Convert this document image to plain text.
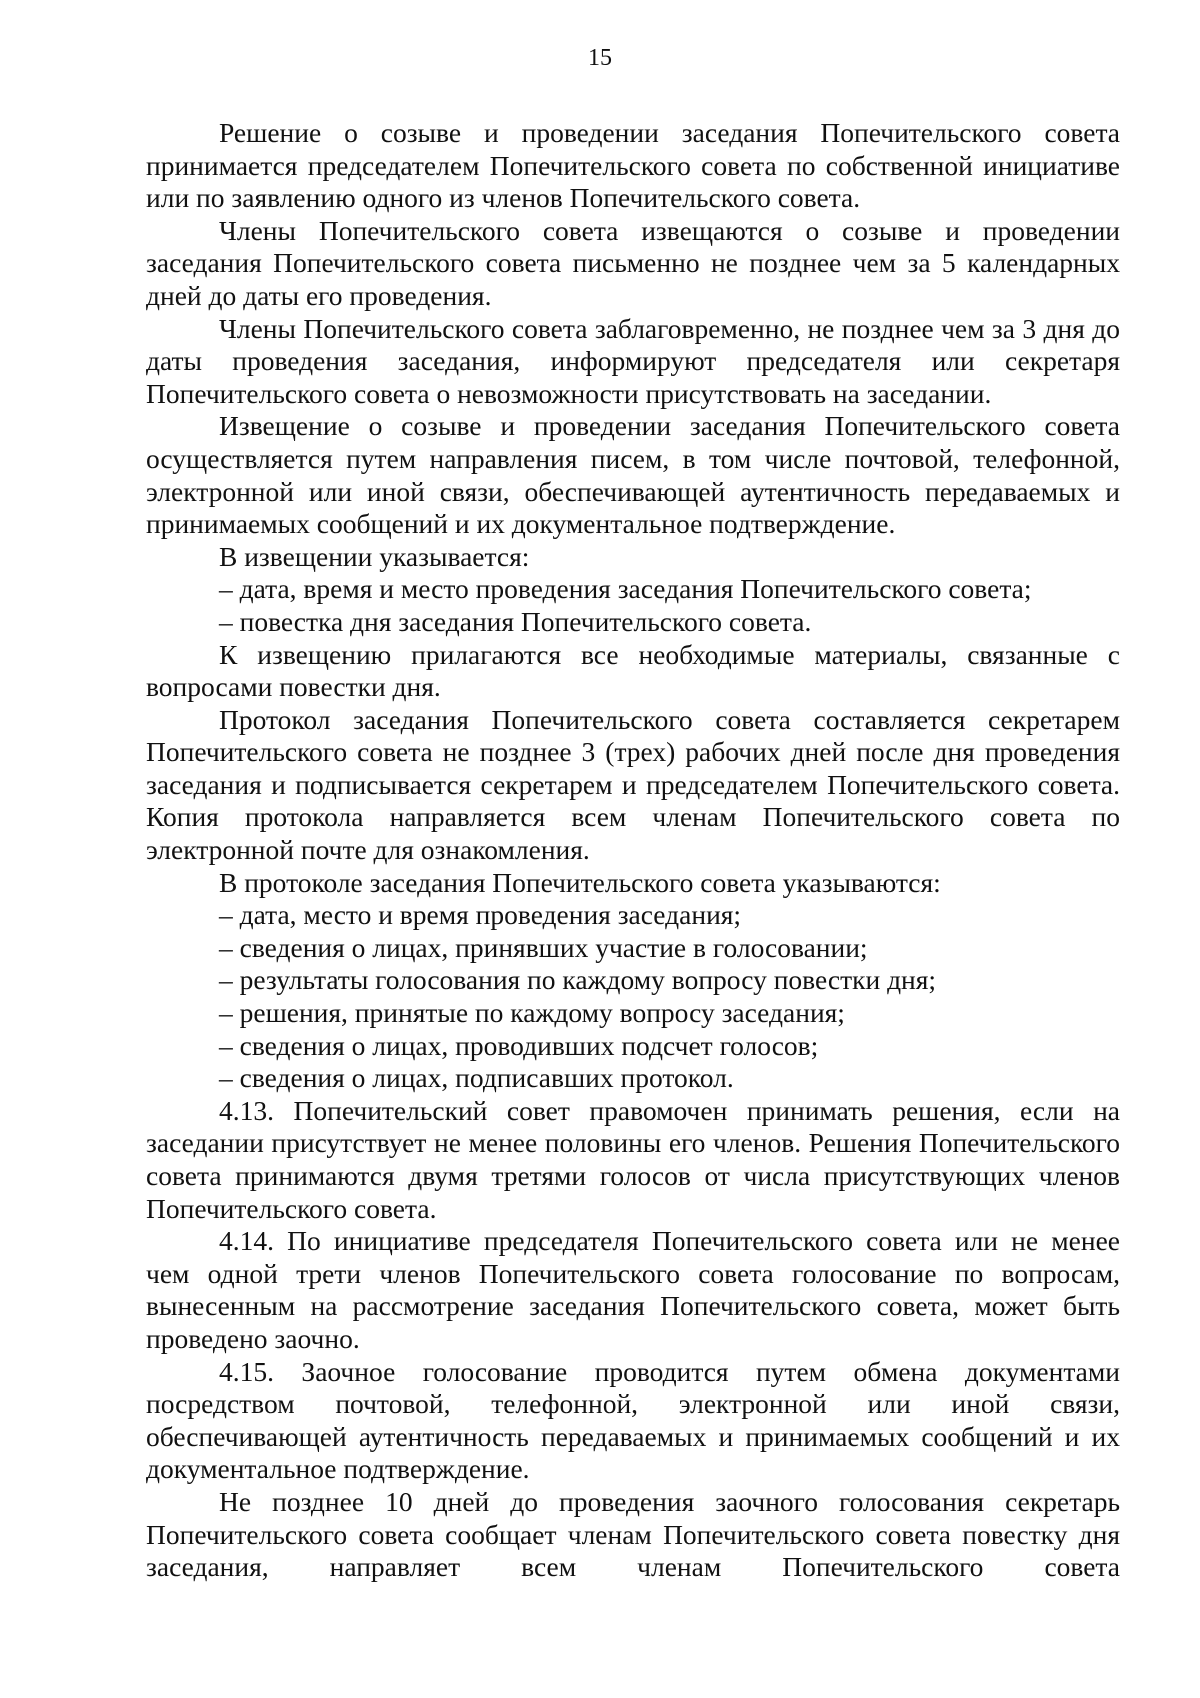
15

Решение о созыве и проведении заседания Попечительского совета принимается председателем Попечительского совета по собственной инициативе или по заявлению одного из членов Попечительского совета.

Члены Попечительского совета извещаются о созыве и проведении заседания Попечительского совета письменно не позднее чем за 5 календарных дней до даты его проведения.

Члены Попечительского совета заблаговременно, не позднее чем за 3 дня до даты проведения заседания, информируют председателя или секретаря Попечительского совета о невозможности присутствовать на заседании.

Извещение о созыве и проведении заседания Попечительского совета осуществляется путем направления писем, в том числе почтовой, телефонной, электронной или иной связи, обеспечивающей аутентичность передаваемых и принимаемых сообщений и их документальное подтверждение.

В извещении указывается:

– дата, время и место проведения заседания Попечительского совета;

– повестка дня заседания Попечительского совета.

К извещению прилагаются все необходимые материалы, связанные с вопросами повестки дня.

Протокол заседания Попечительского совета составляется секретарем Попечительского совета не позднее 3 (трех) рабочих дней после дня проведения заседания и подписывается секретарем и председателем Попечительского совета. Копия протокола направляется всем членам Попечительского совета по электронной почте для ознакомления.

В протоколе заседания Попечительского совета указываются:

– дата, место и время проведения заседания;

– сведения о лицах, принявших участие в голосовании;

– результаты голосования по каждому вопросу повестки дня;

– решения, принятые по каждому вопросу заседания;

– сведения о лицах, проводивших подсчет голосов;

– сведения о лицах, подписавших протокол.

4.13. Попечительский совет правомочен принимать решения, если на заседании присутствует не менее половины его членов. Решения Попечительского совета принимаются двумя третями голосов от числа присутствующих членов Попечительского совета.

4.14. По инициативе председателя Попечительского совета или не менее чем одной трети членов Попечительского совета голосование по вопросам, вынесенным на рассмотрение заседания Попечительского совета, может быть проведено заочно.

4.15. Заочное голосование проводится путем обмена документами посредством почтовой, телефонной, электронной или иной связи, обеспечивающей аутентичность передаваемых и принимаемых сообщений и их документальное подтверждение.

Не позднее 10 дней до проведения заочного голосования секретарь Попечительского совета сообщает членам Попечительского совета повестку дня заседания, направляет всем членам Попечительского совета
